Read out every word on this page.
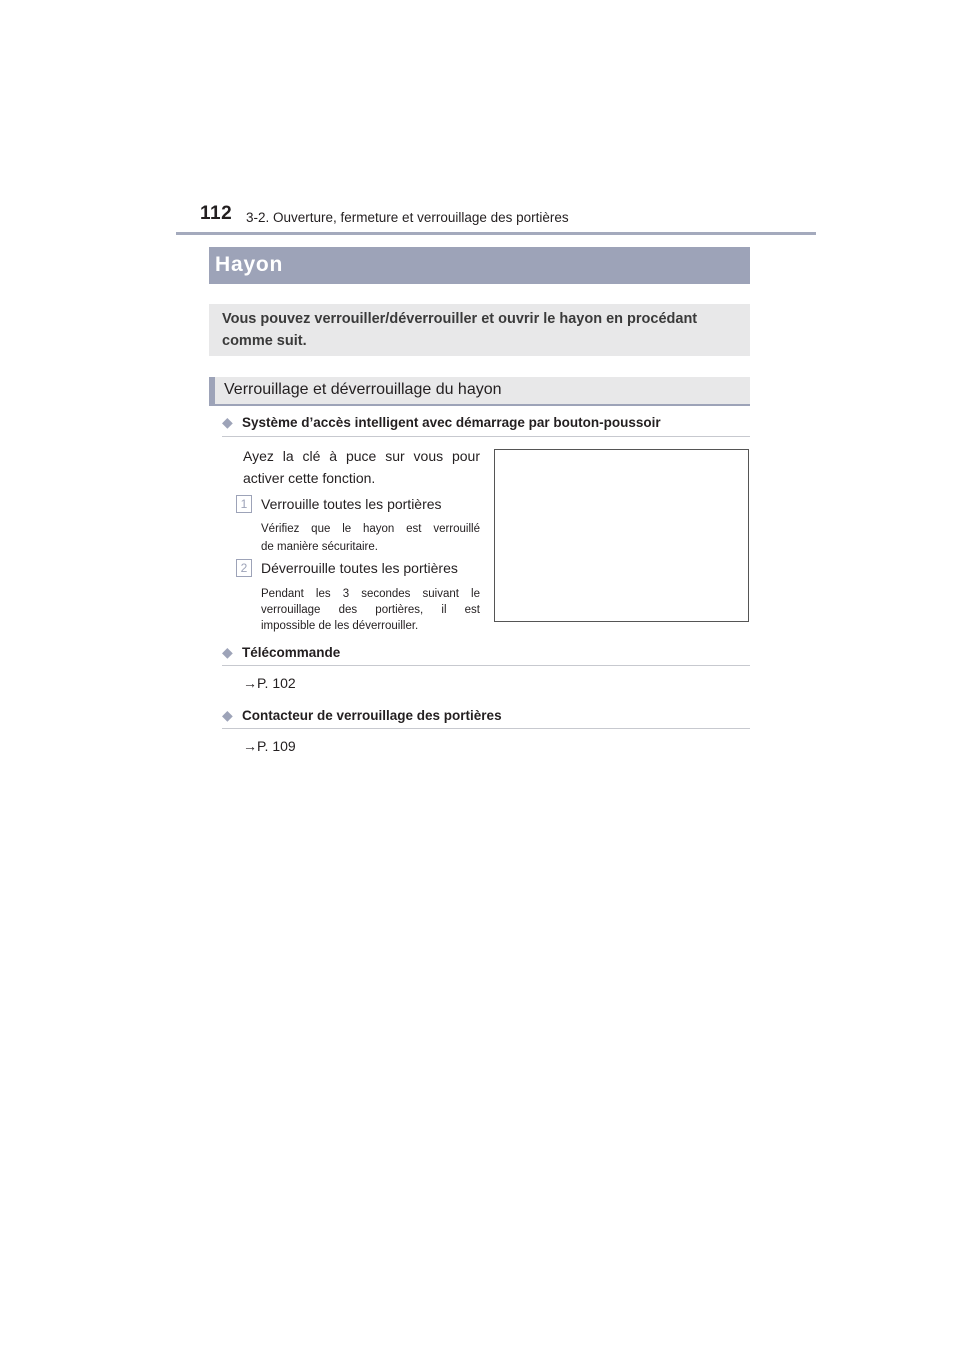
112 3-2. Ouverture, fermeture et verrouillage des portières
Hayon
Vous pouvez verrouiller/déverrouiller et ouvrir le hayon en procédant comme suit.
Verrouillage et déverrouillage du hayon
◆ Système d’accès intelligent avec démarrage par bouton-poussoir
Ayez la clé à puce sur vous pour
activer cette fonction.
1 Verrouille toutes les portières
Vérifiez que le hayon est verrouillé
de manière sécuritaire.
2 Déverrouille toutes les portières
Pendant les 3 secondes suivant le
verrouillage des portières, il est
impossible de les déverrouiller.
◆ Télécommande
→P. 102
◆ Contacteur de verrouillage des portières
→P. 109
